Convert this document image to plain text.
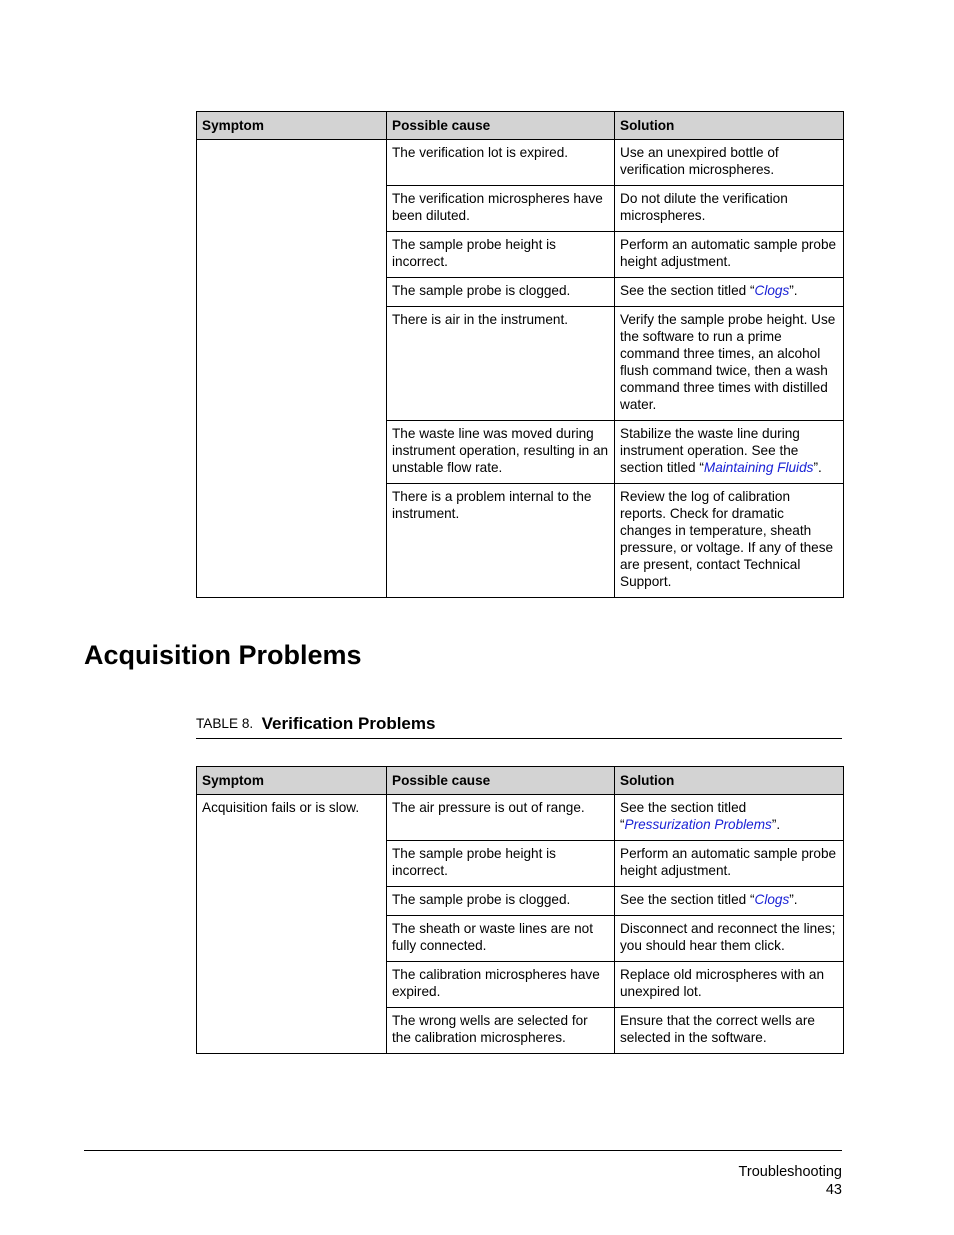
Symptom	Possible cause	Solution
	The verification lot is expired.	Use an unexpired bottle of verification microspheres.
	The verification microspheres have been diluted.	Do not dilute the verification microspheres.
	The sample probe height is incorrect.	Perform an automatic sample probe height adjustment.
	The sample probe is clogged.	See the section titled “Clogs”.
	There is air in the instrument.	Verify the sample probe height. Use the software to run a prime command three times, an alcohol flush command twice, then a wash command three times with distilled water.
	The waste line was moved during instrument operation, resulting in an unstable flow rate.	Stabilize the waste line during instrument operation. See the section titled “Maintaining Fluids”.
	There is a problem internal to the instrument.	Review the log of calibration reports. Check for dramatic changes in temperature, sheath pressure, or voltage. If any of these are present, contact Technical Support.
Acquisition Problems
TABLE 8. Verification Problems
Symptom	Possible cause	Solution
Acquisition fails or is slow.	The air pressure is out of range.	See the section titled “Pressurization Problems”.
	The sample probe height is incorrect.	Perform an automatic sample probe height adjustment.
	The sample probe is clogged.	See the section titled “Clogs”.
	The sheath or waste lines are not fully connected.	Disconnect and reconnect the lines; you should hear them click.
	The calibration microspheres have expired.	Replace old microspheres with an unexpired lot.
	The wrong wells are selected for the calibration microspheres.	Ensure that the correct wells are selected in the software.
Troubleshooting
43
